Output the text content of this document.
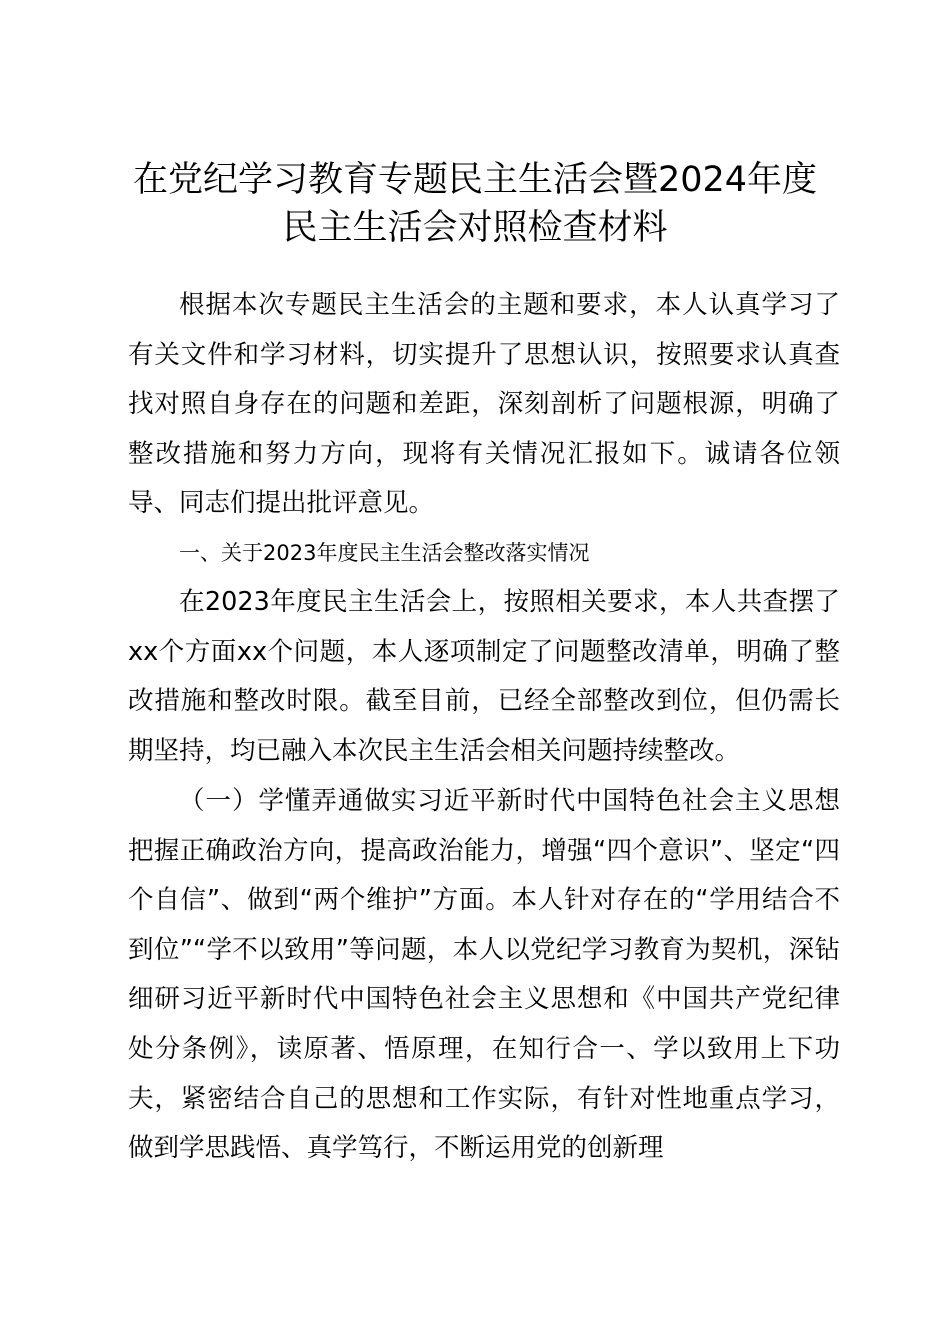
在党纪学习教育专题民主生活会暨2024年度
民主生活会对照检查材料

根据本次专题民主生活会的主题和要求，本人认真学习了有关文件和学习材料，切实提升了思想认识，按照要求认真查找对照自身存在的问题和差距，深刻剖析了问题根源，明确了整改措施和努力方向，现将有关情况汇报如下。诚请各位领导、同志们提出批评意见。

一、关于2023年度民主生活会整改落实情况

在2023年度民主生活会上，按照相关要求，本人共查摆了xx个方面xx个问题，本人逐项制定了问题整改清单，明确了整改措施和整改时限。截至目前，已经全部整改到位，但仍需长期坚持，均已融入本次民主生活会相关问题持续整改。

（一）学懂弄通做实习近平新时代中国特色社会主义思想把握正确政治方向，提高政治能力，增强“四个意识”、坚定“四个自信”、做到“两个维护”方面。本人针对存在的“学用结合不到位”“学不以致用”等问题，本人以党纪学习教育为契机，深钻细研习近平新时代中国特色社会主义思想和《中国共产党纪律处分条例》，读原著、悟原理，在知行合一、学以致用上下功夫，紧密结合自己的思想和工作实际，有针对性地重点学习，做到学思践悟、真学笃行，不断运用党的创新理
